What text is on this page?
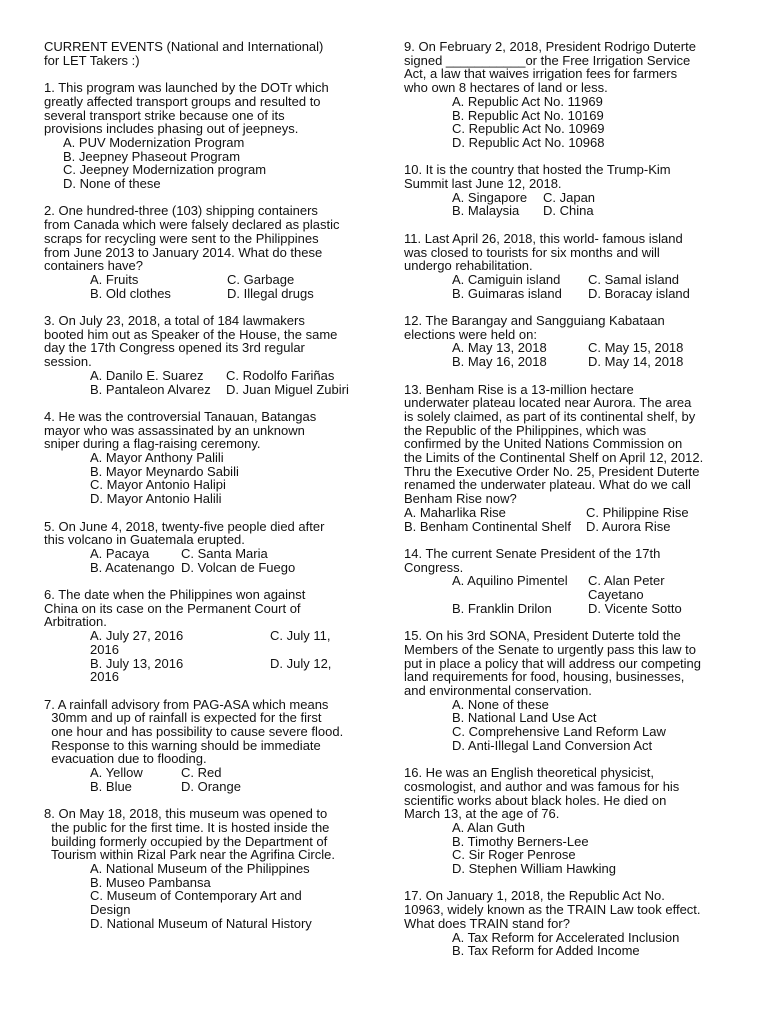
CURRENT EVENTS (National and International)
for LET Takers :)
1. This program was launched by the DOTr which
greatly affected transport groups and resulted to
several transport strike because one of its
provisions includes phasing out of jeepneys.
A. PUV Modernization Program
B. Jeepney Phaseout Program
C. Jeepney Modernization program
D. None of these
2. One hundred-three (103) shipping containers
from Canada which were falsely declared as plastic
scraps for recycling were sent to the Philippines
from June 2013 to January 2014. What do these
containers have?
A. Fruits	C. Garbage
B. Old clothes	D. Illegal drugs
3. On July 23, 2018, a total of 184 lawmakers
booted him out as Speaker of the House, the same
day the 17th Congress opened its 3rd regular
session.
A. Danilo E. Suarez	C. Rodolfo Fariñas
B. Pantaleon Alvarez	D. Juan Miguel Zubiri
4. He was the controversial Tanauan, Batangas
mayor who was assassinated by an unknown
sniper during a flag-raising ceremony.
A. Mayor Anthony Palili
B. Mayor Meynardo Sabili
C. Mayor Antonio Halipi
D. Mayor Antonio Halili
5. On June 4, 2018, twenty-five people died after
this volcano in Guatemala erupted.
A. Pacaya	C. Santa Maria
B. Acatenango D. Volcan de Fuego
6. The date when the Philippines won against
China on its case on the Permanent Court of
Arbitration.
A. July 27, 2016	C. July 11,
2016
B. July 13, 2016	D. July 12,
2016
7. A rainfall advisory from PAG-ASA which means
30mm and up of rainfall is expected for the first
one hour and has possibility to cause severe flood.
Response to this warning should be immediate
evacuation due to flooding.
A. Yellow	C. Red
B. Blue	D. Orange
8. On May 18, 2018, this museum was opened to
the public for the first time. It is hosted inside the
building formerly occupied by the Department of
Tourism within Rizal Park near the Agrifina Circle.
A. National Museum of the Philippines
B. Museo Pambansa
C. Museum of Contemporary Art and
Design
D. National Museum of Natural History
9. On February 2, 2018, President Rodrigo Duterte
signed ___________or the Free Irrigation Service
Act, a law that waives irrigation fees for farmers
who own 8 hectares of land or less.
A. Republic Act No. 11969
B. Republic Act No. 10169
C. Republic Act No. 10969
D. Republic Act No. 10968
10. It is the country that hosted the Trump-Kim
Summit last June 12, 2018.
A. Singapore	C. Japan
B. Malaysia	D. China
11. Last April 26, 2018, this world- famous island
was closed to tourists for six months and will
undergo rehabilitation.
A. Camiguin island	C. Samal island
B. Guimaras island	D. Boracay island
12. The Barangay and Sangguiang Kabataan
elections were held on:
A. May 13, 2018	C. May 15, 2018
B. May 16, 2018	D. May 14, 2018
13. Benham Rise is a 13-million hectare
underwater plateau located near Aurora. The area
is solely claimed, as part of its continental shelf, by
the Republic of the Philippines, which was
confirmed by the United Nations Commission on
the Limits of the Continental Shelf on April 12, 2012.
Thru the Executive Order No. 25, President Duterte
renamed the underwater plateau. What do we call
Benham Rise now?
A. Maharlika Rise	C. Philippine Rise
B. Benham Continental Shelf	D. Aurora Rise
14. The current Senate President of the 17th
Congress.
A. Aquilino Pimentel	C. Alan Peter
Cayetano
B. Franklin Drilon	D. Vicente Sotto
15. On his 3rd SONA, President Duterte told the
Members of the Senate to urgently pass this law to
put in place a policy that will address our competing
land requirements for food, housing, businesses,
and environmental conservation.
A. None of these
B. National Land Use Act
C. Comprehensive Land Reform Law
D. Anti-Illegal Land Conversion Act
16. He was an English theoretical physicist,
cosmologist, and author and was famous for his
scientific works about black holes. He died on
March 13, at the age of 76.
A. Alan Guth
B. Timothy Berners-Lee
C. Sir Roger Penrose
D. Stephen William Hawking
17. On January 1, 2018, the Republic Act No.
10963, widely known as the TRAIN Law took effect.
What does TRAIN stand for?
A. Tax Reform for Accelerated Inclusion
B. Tax Reform for Added Income
